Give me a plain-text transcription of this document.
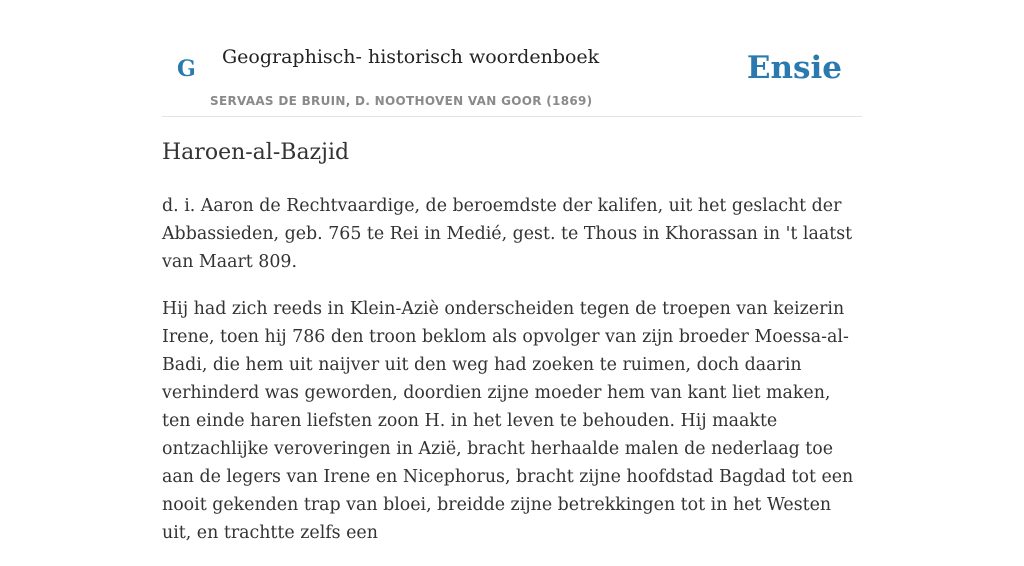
G Geographisch- historisch woordenboek
SERVAAS DE BRUIN, D. NOOTHOVEN VAN GOOR (1869)
Ensie
Haroen-al-Bazjid

d. i. Aaron de Rechtvaardige, de beroemdste der kalifen, uit het geslacht der Abbassieden, geb. 765 te Rei in Medié, gest. te Thous in Khorassan in 't laatst van Maart 809.

Hij had zich reeds in Klein-Aziè onderscheiden tegen de troepen van keizerin Irene, toen hij 786 den troon beklom als opvolger van zijn broeder Moessa-al-Badi, die hem uit naijver uit den weg had zoeken te ruimen, doch daarin verhinderd was geworden, doordien zijne moeder hem van kant liet maken, ten einde haren liefsten zoon H. in het leven te behouden. Hij maakte ontzachlijke veroveringen in Azië, bracht herhaalde malen de nederlaag toe aan de legers van Irene en Nicephorus, bracht zijne hoofdstad Bagdad tot een nooit gekenden trap van bloei, breidde zijne betrekkingen tot in het Westen uit, en trachtte zelfs een
